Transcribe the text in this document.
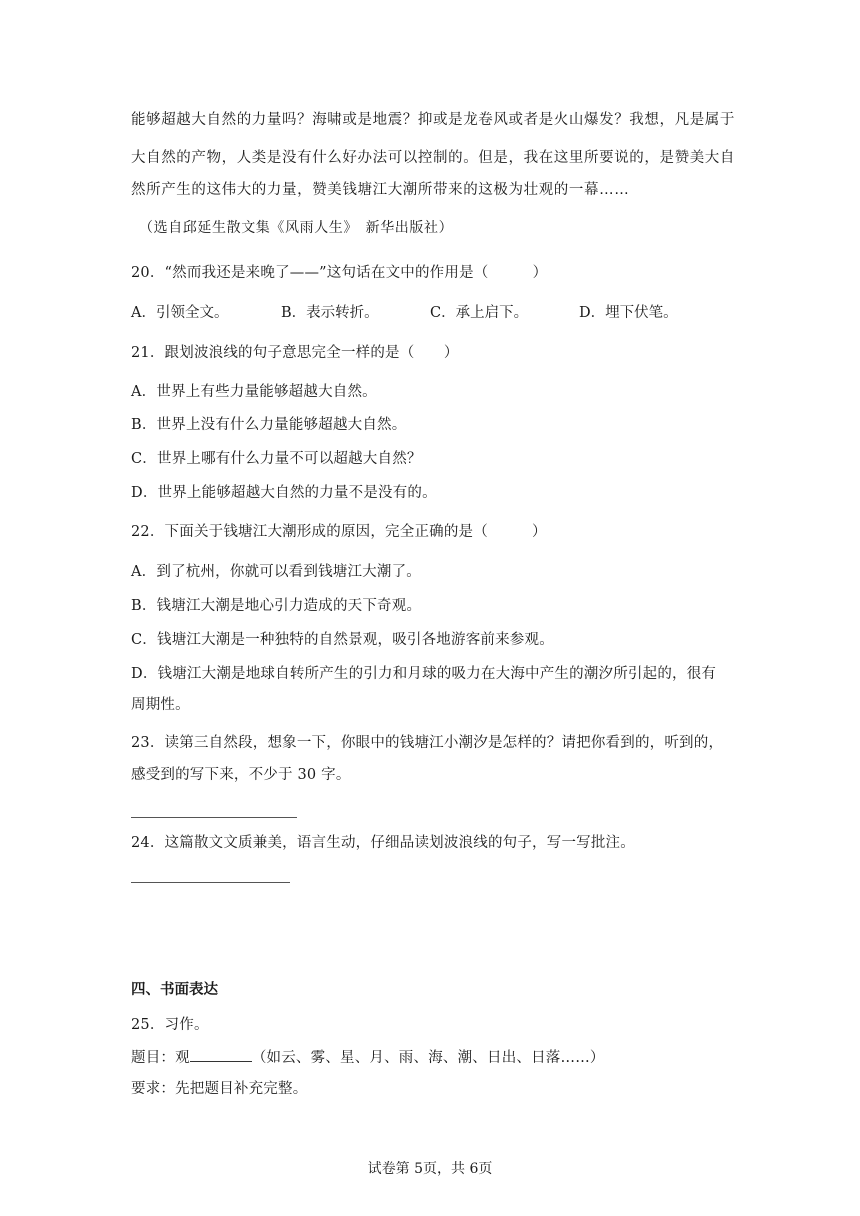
能够超越大自然的力量吗？海啸或是地震？抑或是龙卷风或者是火山爆发？我想，凡是属于
大自然的产物，人类是没有什么好办法可以控制的。但是，我在这里所要说的，是赞美大自
然所产生的这伟大的力量，赞美钱塘江大潮所带来的这极为壮观的一幕……
（选自邱延生散文集《风雨人生》　新华出版社）
20．“然而我还是来晚了——”这句话在文中的作用是（　　　）
A．引领全文。	B．表示转折。	C．承上启下。	D．埋下伏笔。
21．跟划波浪线的句子意思完全一样的是（　　）
A．世界上有些力量能够超越大自然。
B．世界上没有什么力量能够超越大自然。
C．世界上哪有什么力量不可以超越大自然？
D．世界上能够超越大自然的力量不是没有的。
22．下面关于钱塘江大潮形成的原因，完全正确的是（　　　）
A．到了杭州，你就可以看到钱塘江大潮了。
B．钱塘江大潮是地心引力造成的天下奇观。
C．钱塘江大潮是一种独特的自然景观，吸引各地游客前来参观。
D．钱塘江大潮是地球自转所产生的引力和月球的吸力在大海中产生的潮汐所引起的，很有
周期性。
23．读第三自然段，想象一下，你眼中的钱塘江小潮汐是怎样的？请把你看到的，听到的，
感受到的写下来，不少于 30 字。
24．这篇散文文质兼美，语言生动，仔细品读划波浪线的句子，写一写批注。
四、书面表达
25．习作。
题目：观	（如云、雾、星、月、雨、海、潮、日出、日落……）
要求：先把题目补充完整。
试卷第 5页，共 6页
